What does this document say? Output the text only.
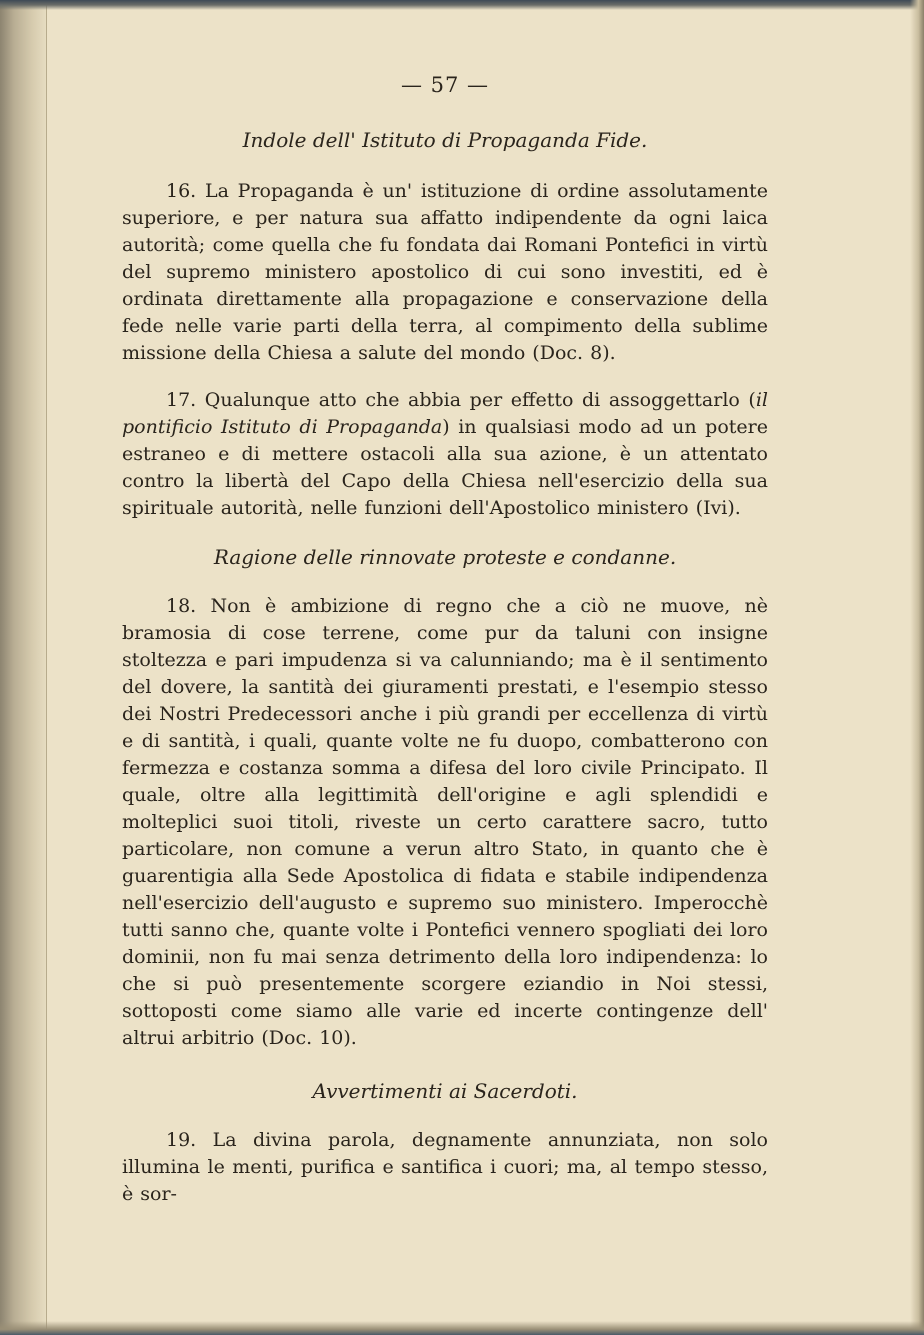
— 57 —

Indole dell' Istituto di Propaganda Fide.

16. La Propaganda è un' istituzione di ordine assolutamente superiore, e per natura sua affatto indipendente da ogni laica autorità; come quella che fu fondata dai Romani Pontefici in virtù del supremo ministero apostolico di cui sono investiti, ed è ordinata direttamente alla propagazione e conservazione della fede nelle varie parti della terra, al compimento della sublime missione della Chiesa a salute del mondo (Doc. 8).

17. Qualunque atto che abbia per effetto di assoggettarlo (il pontificio Istituto di Propaganda) in qualsiasi modo ad un potere estraneo e di mettere ostacoli alla sua azione, è un attentato contro la libertà del Capo della Chiesa nell'esercizio della sua spirituale autorità, nelle funzioni dell'Apostolico ministero (Ivi).

Ragione delle rinnovate proteste e condanne.

18. Non è ambizione di regno che a ciò ne muove, nè bramosia di cose terrene, come pur da taluni con insigne stoltezza e pari impudenza si va calunniando; ma è il sentimento del dovere, la santità dei giuramenti prestati, e l'esempio stesso dei Nostri Predecessori anche i più grandi per eccellenza di virtù e di santità, i quali, quante volte ne fu duopo, combatterono con fermezza e costanza somma a difesa del loro civile Principato. Il quale, oltre alla legittimità dell'origine e agli splendidi e molteplici suoi titoli, riveste un certo carattere sacro, tutto particolare, non comune a verun altro Stato, in quanto che è guarentigia alla Sede Apostolica di fidata e stabile indipendenza nell'esercizio dell'augusto e supremo suo ministero. Imperocchè tutti sanno che, quante volte i Pontefici vennero spogliati dei loro dominii, non fu mai senza detrimento della loro indipendenza: lo che si può presentemente scorgere eziandio in Noi stessi, sottoposti come siamo alle varie ed incerte contingenze dell' altrui arbitrio (Doc. 10).

Avvertimenti ai Sacerdoti.

19. La divina parola, degnamente annunziata, non solo illumina le menti, purifica e santifica i cuori; ma, al tempo stesso, è sor-
